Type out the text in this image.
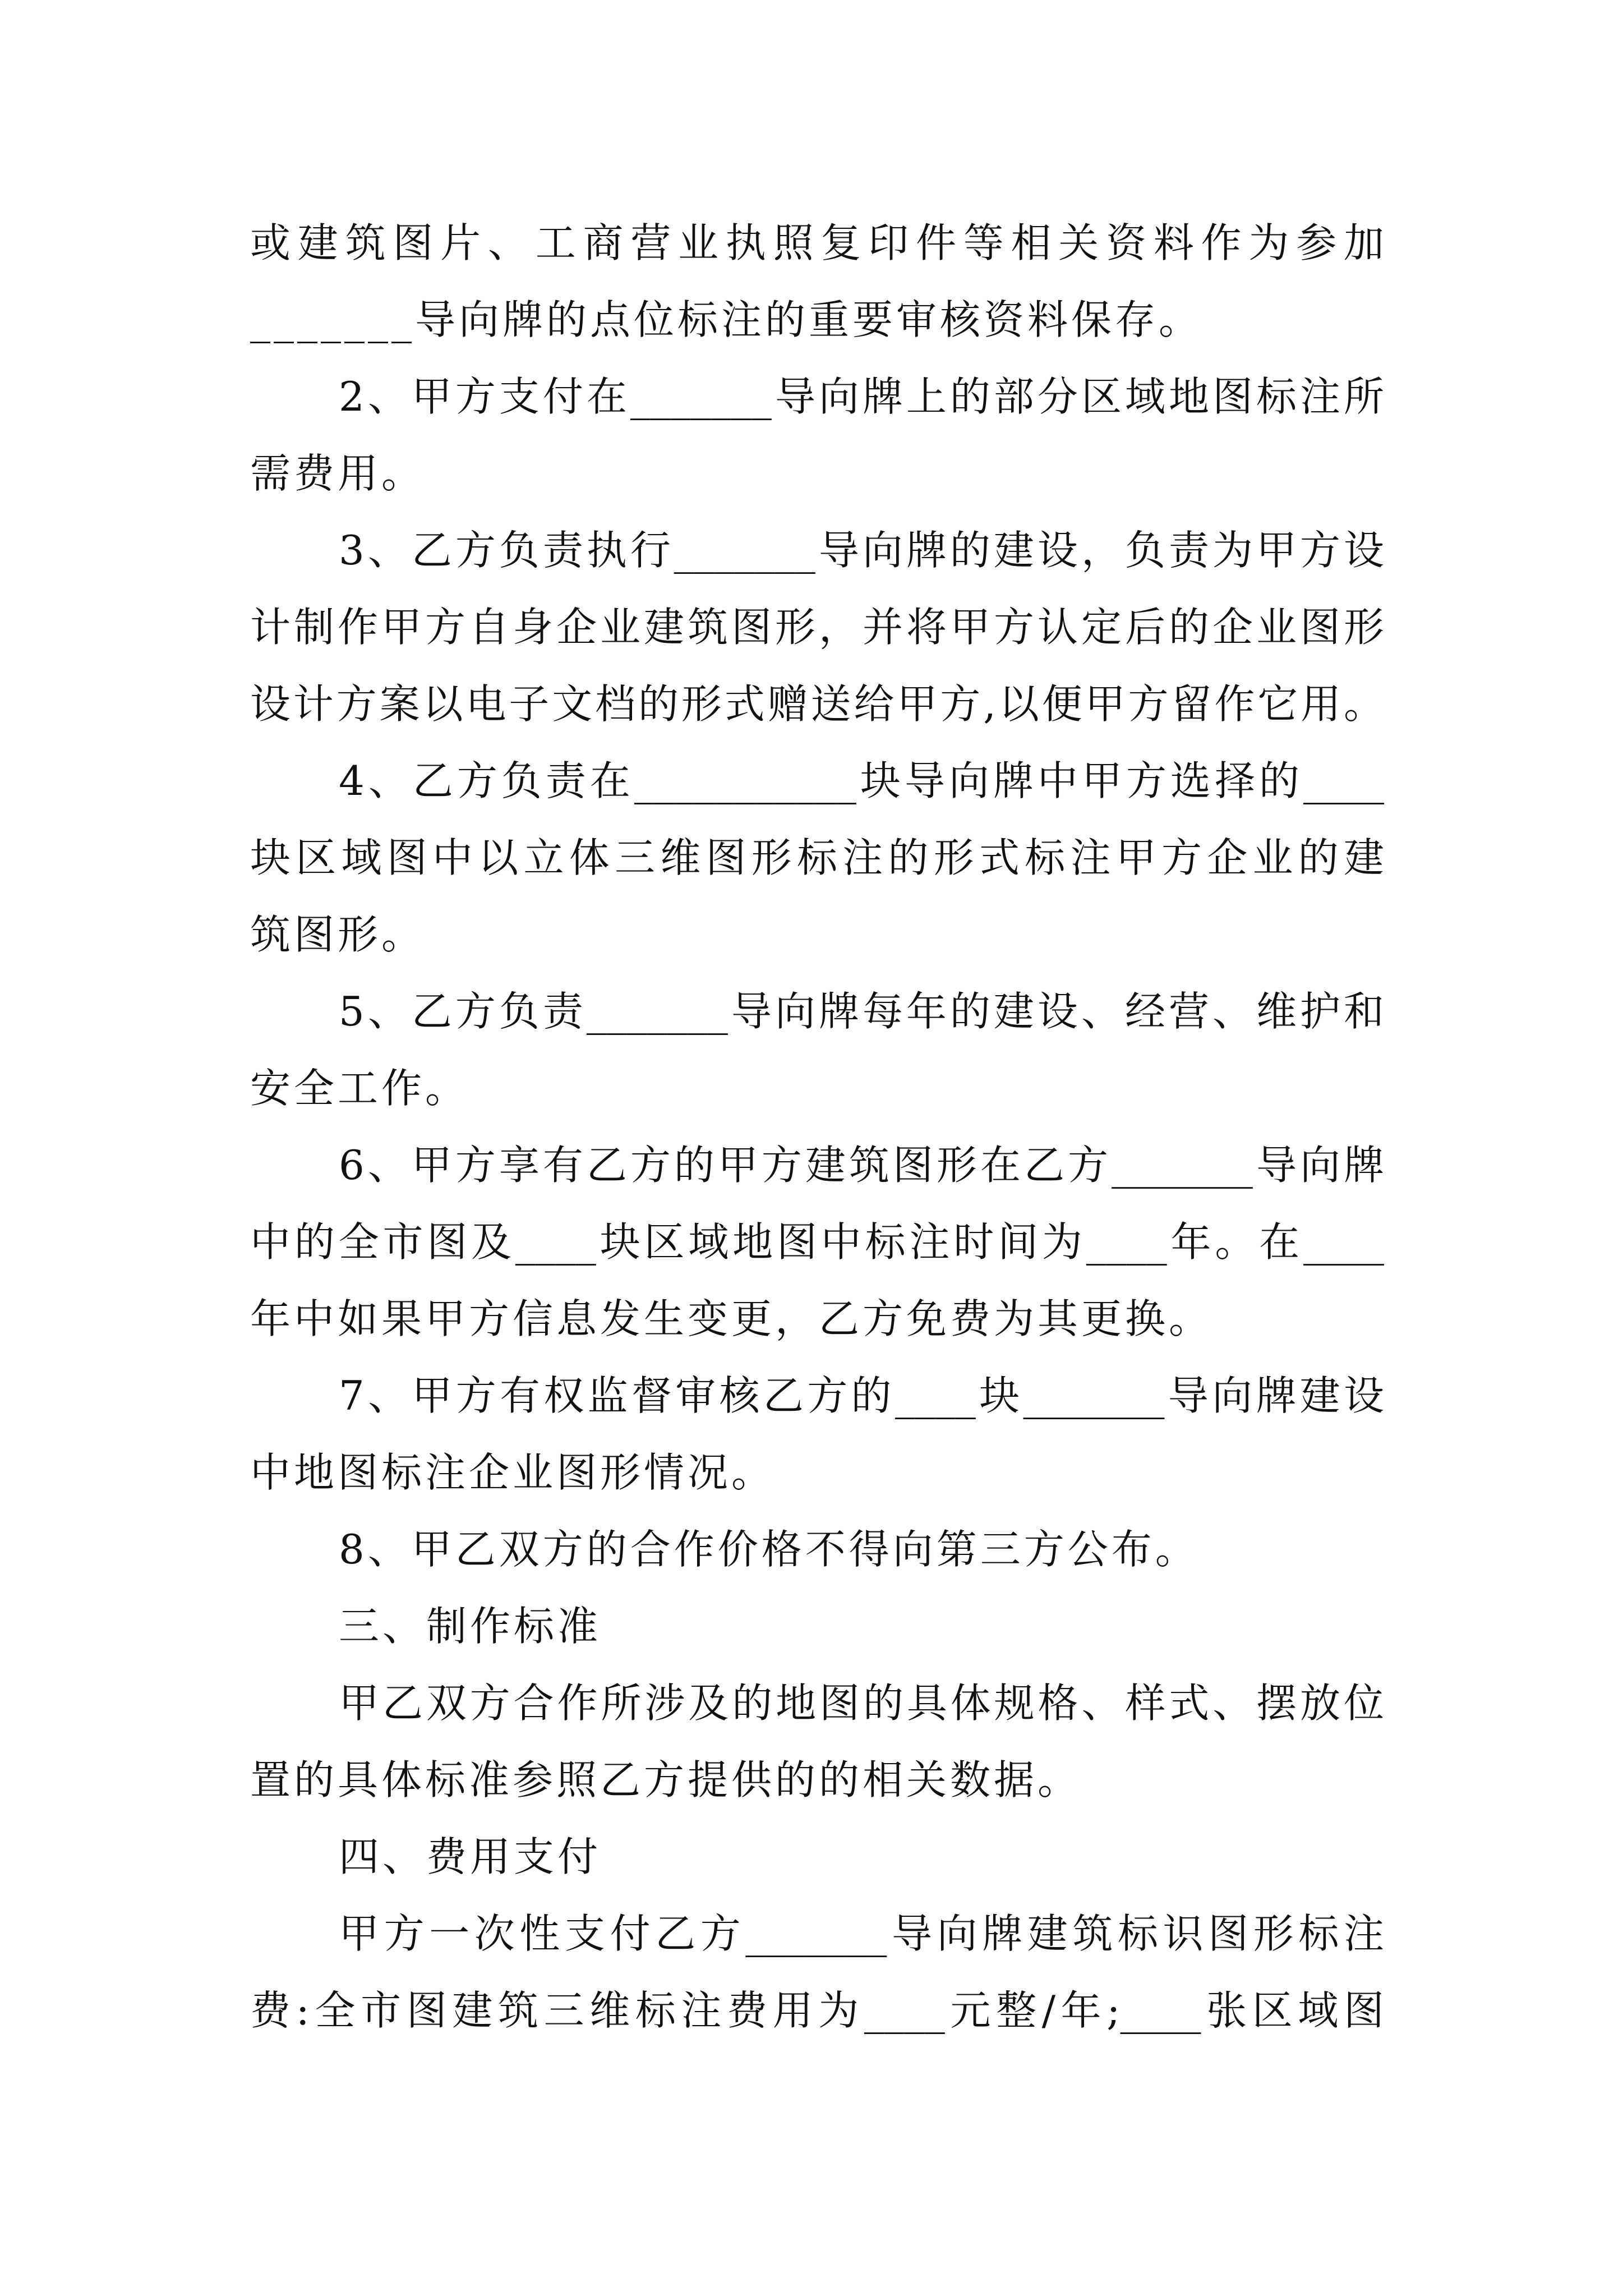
或建筑图片、工商营业执照复印件等相关资料作为参加
_______导向牌的点位标注的重要审核资料保存。
2、甲方支付在_______导向牌上的部分区域地图标注所
需费用。
3、乙方负责执行_______导向牌的建设，负责为甲方设
计制作甲方自身企业建筑图形，并将甲方认定后的企业图形
设计方案以电子文档的形式赠送给甲方,以便甲方留作它用。
4、乙方负责在___________块导向牌中甲方选择的____
块区域图中以立体三维图形标注的形式标注甲方企业的建
筑图形。
5、乙方负责_______导向牌每年的建设、经营、维护和
安全工作。
6、甲方享有乙方的甲方建筑图形在乙方_______导向牌
中的全市图及____块区域地图中标注时间为____年。在____
年中如果甲方信息发生变更，乙方免费为其更换。
7、甲方有权监督审核乙方的____块_______导向牌建设
中地图标注企业图形情况。
8、甲乙双方的合作价格不得向第三方公布。
三、制作标准
甲乙双方合作所涉及的地图的具体规格、样式、摆放位
置的具体标准参照乙方提供的的相关数据。
四、费用支付
甲方一次性支付乙方_______导向牌建筑标识图形标注
费:全市图建筑三维标注费用为____元整/年;____张区域图
